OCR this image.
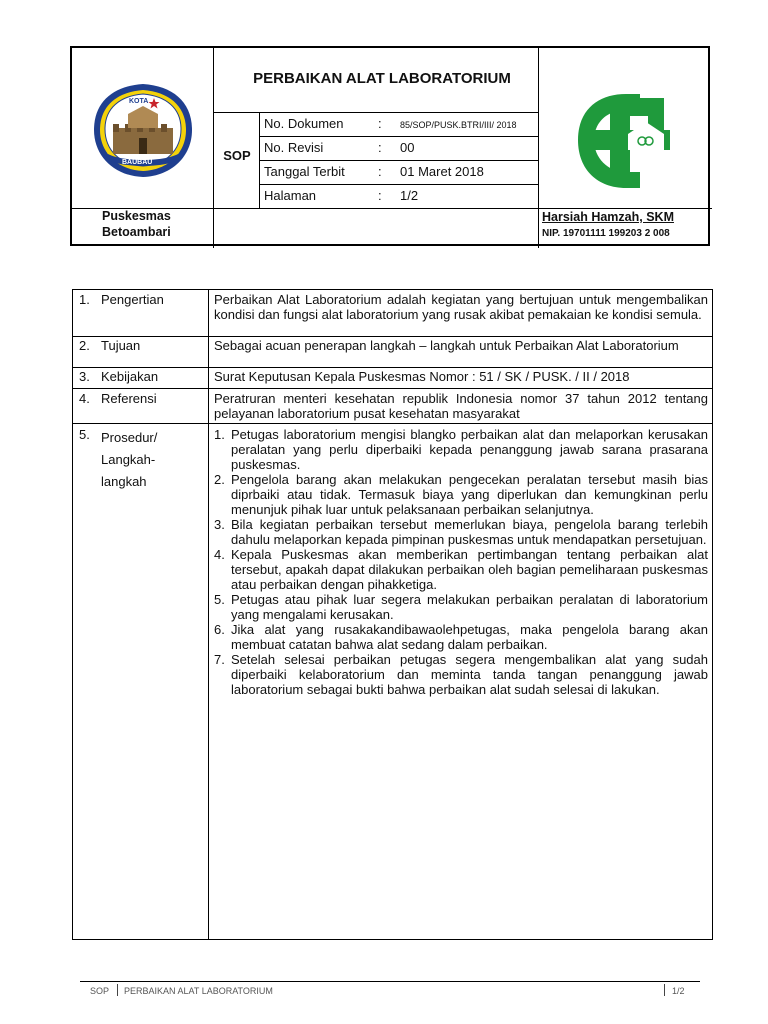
KOTA
BAUBAU
PERBAIKAN ALAT LABORATORIUM
SOP
No. Dokumen	: 85/SOP/PUSK.BTRI/III/ 2018
No. Revisi	: 00
Tanggal Terbit	: 01 Maret 2018
Halaman	: 1/2
Puskesmas
Betoambari
Harsiah Hamzah, SKM
NIP. 19701111 199203 2 008
1. Pengertian	Perbaikan Alat Laboratorium adalah kegiatan yang bertujuan untuk mengembalikan kondisi dan fungsi alat laboratorium yang rusak akibat pemakaian ke kondisi semula.
2. Tujuan	Sebagai acuan penerapan langkah – langkah untuk Perbaikan Alat Laboratorium
3. Kebijakan	Surat Keputusan Kepala Puskesmas Nomor : 51 / SK / PUSK. / II / 2018
4. Referensi	Peratruran menteri kesehatan republik Indonesia nomor 37 tahun 2012 tentang pelayanan laboratorium pusat kesehatan masyarakat
5. Prosedur/
Langkah-
langkah
1. Petugas laboratorium mengisi blangko perbaikan alat dan melaporkan kerusakan peralatan yang perlu diperbaiki kepada penanggung jawab sarana prasarana puskesmas.
2. Pengelola barang akan melakukan pengecekan peralatan tersebut masih bias diprbaiki atau tidak. Termasuk biaya yang diperlukan dan kemungkinan perlu menunjuk pihak luar untuk pelaksanaan perbaikan selanjutnya.
3. Bila kegiatan perbaikan tersebut memerlukan biaya, pengelola barang terlebih dahulu melaporkan kepada pimpinan puskesmas untuk mendapatkan persetujuan.
4. Kepala Puskesmas akan memberikan pertimbangan tentang perbaikan alat tersebut, apakah dapat dilakukan perbaikan oleh bagian pemeliharaan puskesmas atau perbaikan dengan pihakketiga.
5. Petugas atau pihak luar segera melakukan perbaikan peralatan di laboratorium yang mengalami kerusakan.
6. Jika alat yang rusakakandibawaolehpetugas, maka pengelola barang akan membuat catatan bahwa alat sedang dalam perbaikan.
7. Setelah selesai perbaikan petugas segera mengembalikan alat yang sudah diperbaiki kelaboratorium dan meminta tanda tangan penanggung jawab laboratorium sebagai bukti bahwa perbaikan alat sudah selesai di lakukan.
SOP PERBAIKAN ALAT LABORATORIUM	1/2
